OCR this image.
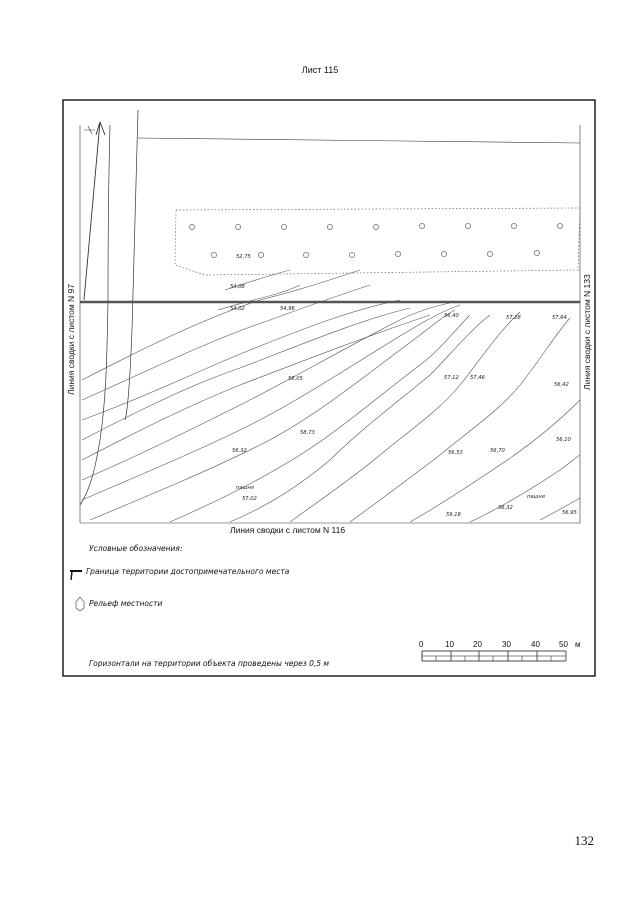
Лист 115
52,75
54,08
54,02	54,96
56,40	57,28	57,64
56,05	57,12 57,46
56,42
58,73
56,32	56,53	56,70
56,10
57,02
59,18
56,32
56,95
пашня
пашня
Линия сводки с листом N 97	Линия сводки с листом N 133
Линия сводки с листом N 116
Условные обозначения:
Граница территории достопримечательного места
Рельеф местности
Горизонтали на территории объекта проведены через 0,5 м
0	10 20	30	40 50 м
132
